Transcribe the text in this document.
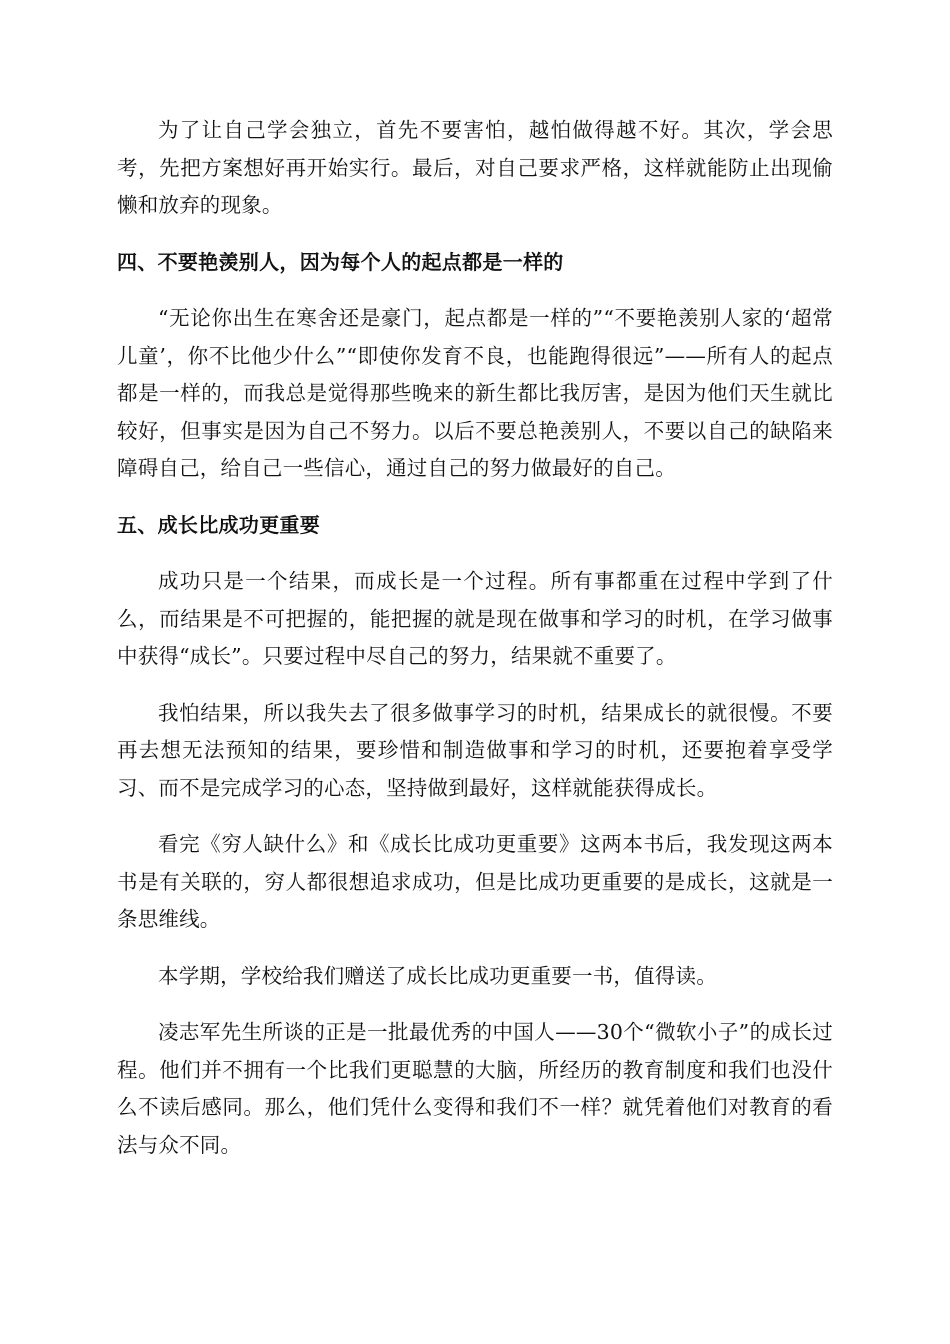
为了让自己学会独立，首先不要害怕，越怕做得越不好。其次，学会思考，先把方案想好再开始实行。最后，对自己要求严格，这样就能防止出现偷懒和放弃的现象。

四、不要艳羡别人，因为每个人的起点都是一样的

“无论你出生在寒舍还是豪门，起点都是一样的”“不要艳羡别人家的‘超常儿童’，你不比他少什么”“即使你发育不良，也能跑得很远”——所有人的起点都是一样的，而我总是觉得那些晚来的新生都比我厉害，是因为他们天生就比较好，但事实是因为自己不努力。以后不要总艳羡别人，不要以自己的缺陷来障碍自己，给自己一些信心，通过自己的努力做最好的自己。

五、成长比成功更重要

成功只是一个结果，而成长是一个过程。所有事都重在过程中学到了什么，而结果是不可把握的，能把握的就是现在做事和学习的时机，在学习做事中获得“成长”。只要过程中尽自己的努力，结果就不重要了。

我怕结果，所以我失去了很多做事学习的时机，结果成长的就很慢。不要再去想无法预知的结果，要珍惜和制造做事和学习的时机，还要抱着享受学习、而不是完成学习的心态，坚持做到最好，这样就能获得成长。

看完《穷人缺什么》和《成长比成功更重要》这两本书后，我发现这两本书是有关联的，穷人都很想追求成功，但是比成功更重要的是成长，这就是一条思维线。

本学期，学校给我们赠送了成长比成功更重要一书，值得读。

凌志军先生所谈的正是一批最优秀的中国人——30个“微软小子”的成长过程。他们并不拥有一个比我们更聪慧的大脑，所经历的教育制度和我们也没什么不读后感同。那么，他们凭什么变得和我们不一样？就凭着他们对教育的看法与众不同。
